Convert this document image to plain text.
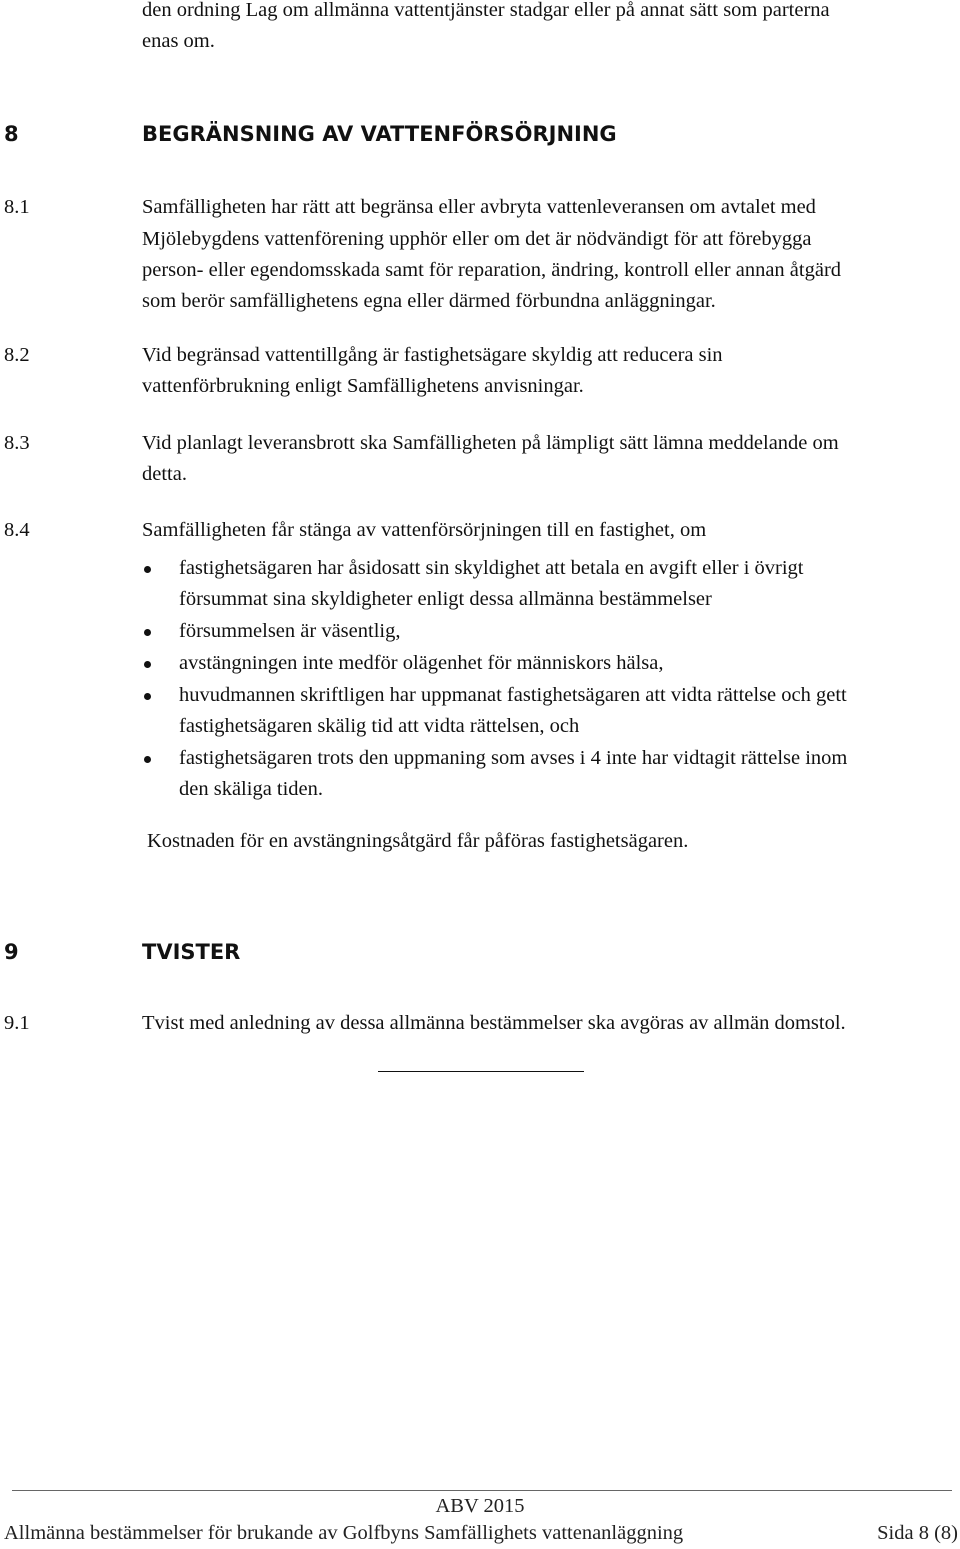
den ordning Lag om allmänna vattentjänster stadgar eller på annat sätt som parterna
enas om.
8	BEGRÄNSNING AV VATTENFÖRSÖRJNING
8.1	Samfälligheten har rätt att begränsa eller avbryta vattenleveransen om avtalet med
Mjölebygdens vattenförening upphör eller om det är nödvändigt för att förebygga
person- eller egendomsskada samt för reparation, ändring, kontroll eller annan åtgärd
som berör samfällighetens egna eller därmed förbundna anläggningar.
8.2	Vid begränsad vattentillgång är fastighetsägare skyldig att reducera sin
vattenförbrukning enligt Samfällighetens anvisningar.
8.3	Vid planlagt leveransbrott ska Samfälligheten på lämpligt sätt lämna meddelande om
detta.
8.4	Samfälligheten får stänga av vattenförsörjningen till en fastighet, om
fastighetsägaren har åsidosatt sin skyldighet att betala en avgift eller i övrigt
försummat sina skyldigheter enligt dessa allmänna bestämmelser
försummelsen är väsentlig,
avstängningen inte medför olägenhet för människors hälsa,
huvudmannen skriftligen har uppmanat fastighetsägaren att vidta rättelse och gett
fastighetsägaren skälig tid att vidta rättelsen, och
fastighetsägaren trots den uppmaning som avses i 4 inte har vidtagit rättelse inom
den skäliga tiden.
Kostnaden för en avstängningsåtgärd får påföras fastighetsägaren.
9	TVISTER
9.1	Tvist med anledning av dessa allmänna bestämmelser ska avgöras av allmän domstol.
ABV 2015
Allmänna bestämmelser för brukande av Golfbyns Samfällighets vattenanläggning	Sida 8 (8)
